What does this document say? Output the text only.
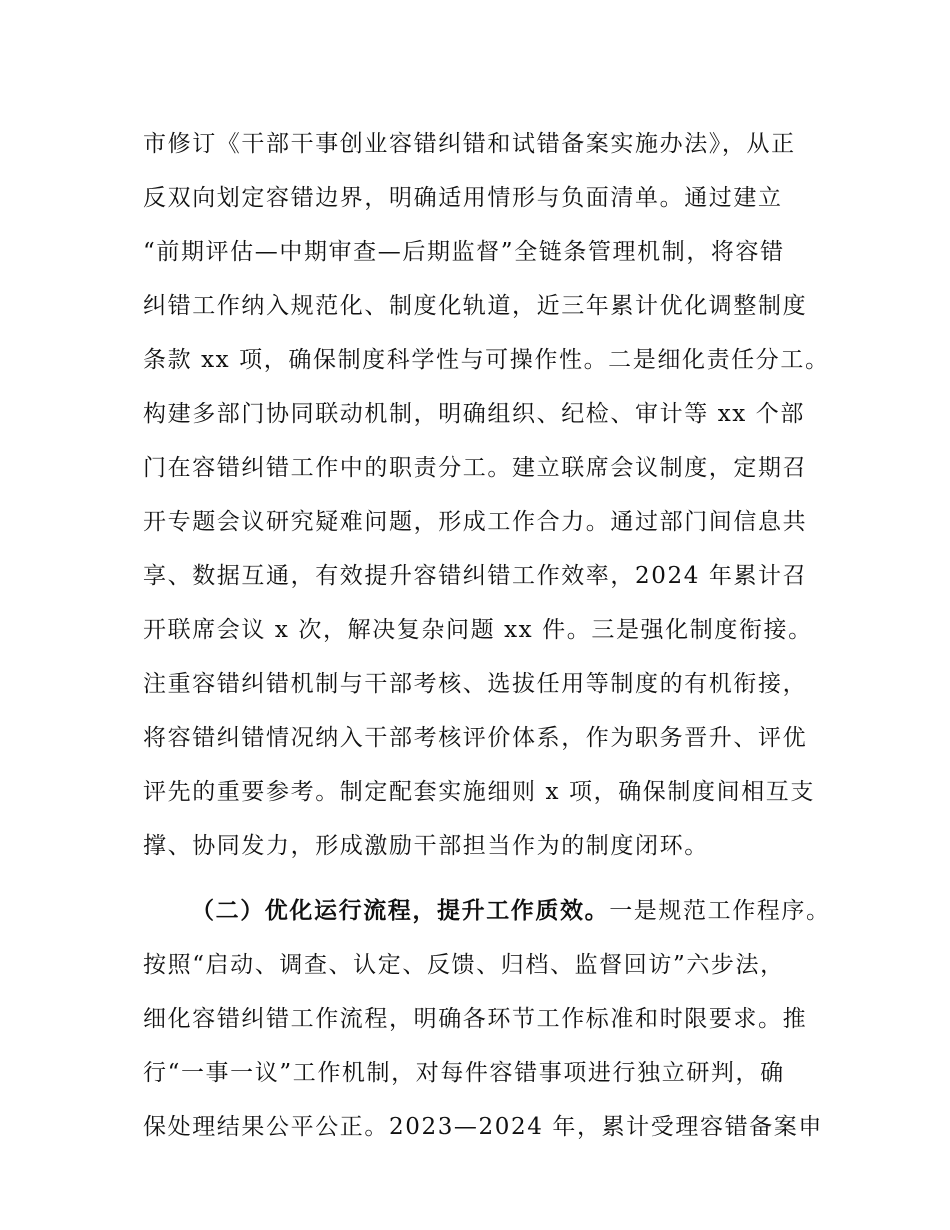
市修订《干部干事创业容错纠错和试错备案实施办法》，从正
反双向划定容错边界，明确适用情形与负面清单。通过建立
“前期评估—中期审查—后期监督”全链条管理机制，将容错
纠错工作纳入规范化、制度化轨道，近三年累计优化调整制度
条款 xx 项，确保制度科学性与可操作性。二是细化责任分工。
构建多部门协同联动机制，明确组织、纪检、审计等 xx 个部
门在容错纠错工作中的职责分工。建立联席会议制度，定期召
开专题会议研究疑难问题，形成工作合力。通过部门间信息共
享、数据互通，有效提升容错纠错工作效率，2024 年累计召
开联席会议 x 次，解决复杂问题 xx 件。三是强化制度衔接。
注重容错纠错机制与干部考核、选拔任用等制度的有机衔接，
将容错纠错情况纳入干部考核评价体系，作为职务晋升、评优
评先的重要参考。制定配套实施细则 x 项，确保制度间相互支
撑、协同发力，形成激励干部担当作为的制度闭环。
（二）优化运行流程，提升工作质效。一是规范工作程序。
按照“启动、调查、认定、反馈、归档、监督回访”六步法，
细化容错纠错工作流程，明确各环节工作标准和时限要求。推
行“一事一议”工作机制，对每件容错事项进行独立研判，确
保处理结果公平公正。2023—2024 年，累计受理容错备案申
